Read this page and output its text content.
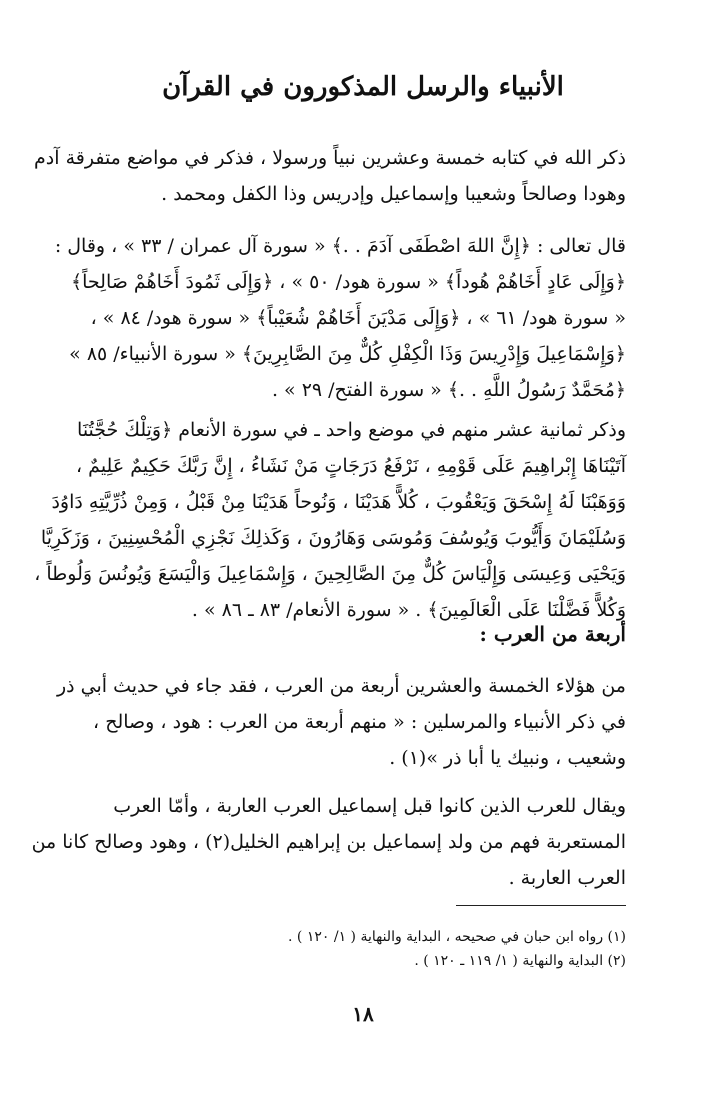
الأنبياء والرسل المذكورون في القرآن
ذكر الله في كتابه خمسة وعشرين نبياً ورسولا ، فذكر في مواضع متفرقة آدم
وهودا وصالحاً وشعيبا وإسماعيل وإدريس وذا الكفل ومحمد .
قال تعالى : ﴿إِنَّ اللهَ اصْطَفَى آدَمَ . .﴾ « سورة آل عمران / ٣٣ » ، وقال :
﴿وَإِلَى عَادٍ أَخَاهُمْ هُوداً﴾ « سورة هود/ ٥٠ » ، ﴿وَإِلَى ثَمُودَ أَخَاهُمْ صَالِحاً﴾
« سورة هود/ ٦١ » ، ﴿وَإِلَى مَدْيَنَ أَخَاهُمْ شُعَيْباً﴾ « سورة هود/ ٨٤ » ،
﴿وَإِسْمَاعِيلَ وَإِدْرِيسَ وَذَا الْكِفْلِ كُلٌّ مِنَ الصَّابِرِينَ﴾ « سورة الأنبياء/ ٨٥ »
﴿مُحَمَّدٌ رَسُولُ اللَّهِ . .﴾ « سورة الفتح/ ٢٩ » .
وذكر ثمانية عشر منهم في موضع واحد ـ في سورة الأنعام ﴿وَتِلْكَ حُجَّتُنَا
آتَيْنَاهَا إِبْراهِيمَ عَلَى قَوْمِهِ ، نَرْفَعُ دَرَجَاتٍ مَنْ نَشَاءُ ، إِنَّ رَبَّكَ حَكِيمٌ عَلِيمٌ ،
وَوَهَبْنَا لَهُ إِسْحَقَ وَيَعْقُوبَ ، كُلاًّ هَدَيْنَا ، وَنُوحاً هَدَيْنَا مِنْ قَبْلُ ، وَمِنْ ذُرِّيَّتِهِ دَاوُدَ
وَسُلَيْمَانَ وَأَيُّوبَ وَيُوسُفَ وَمُوسَى وَهَارُونَ ، وَكَذلِكَ نَجْزِي الْمُحْسِنِينَ ، وَزَكَرِيَّا
وَيَحْيَى وَعِيسَى وَإِلْيَاسَ كُلٌّ مِنَ الصَّالِحِينَ ، وَإِسْمَاعِيلَ وَالْيَسَعَ وَيُونُسَ وَلُوطاً ،
وَكُلاًّ فَضَّلْنَا عَلَى الْعَالَمِينَ﴾ . « سورة الأنعام/ ٨٣ ـ ٨٦ » .
أربعة من العرب :
من هؤلاء الخمسة والعشرين أربعة من العرب ، فقد جاء في حديث أبي ذر
في ذكر الأنبياء والمرسلين : « منهم أربعة من العرب : هود ، وصالح ،
وشعيب ، ونبيك يا أبا ذر »(١) .
ويقال للعرب الذين كانوا قبل إسماعيل العرب العاربة ، وأمّا العرب
المستعربة فهم من ولد إسماعيل بن إبراهيم الخليل(٢) ، وهود وصالح كانا من
العرب العاربة .
(١) رواه ابن حبان في صحيحه ، البداية والنهاية ( ١/ ١٢٠ ) .
(٢) البداية والنهاية ( ١/ ١١٩ ـ ١٢٠ ) .
١٨
